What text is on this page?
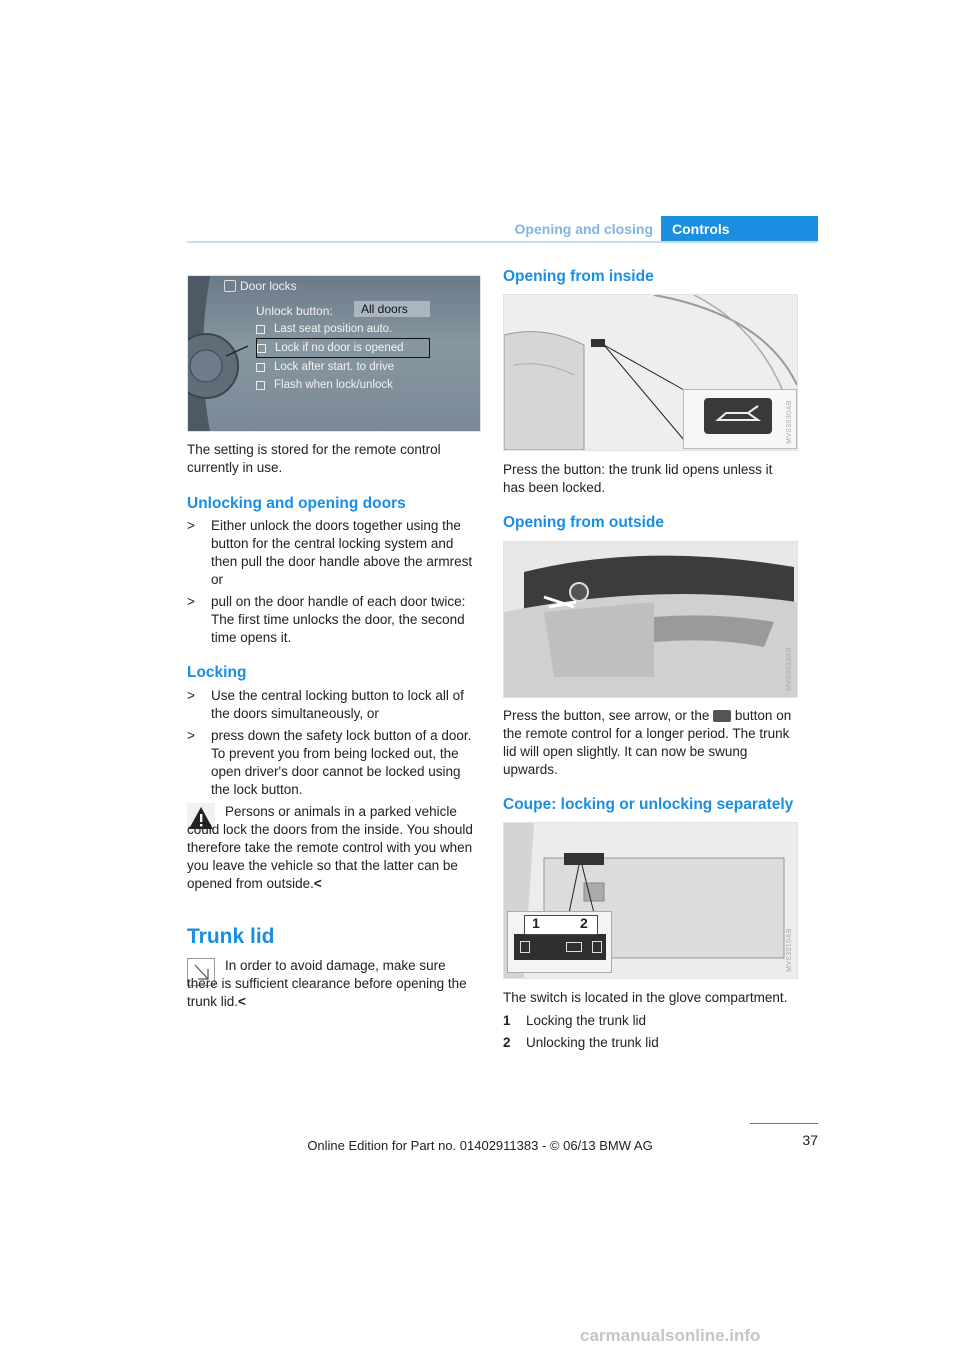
Opening and closing	Controls
Door locks
Unlock button:	All doors
Last seat position auto.
Lock if no door is opened
Lock after start. to drive
Flash when lock/unlock

The setting is stored for the remote control currently in use.

Unlocking and opening doors
> Either unlock the doors together using the button for the central locking system and then pull the door handle above the armrest or
> pull on the door handle of each door twice: The first time unlocks the door, the second time opens it.
Locking
> Use the central locking button to lock all of the doors simultaneously, or
> press down the safety lock button of a door. To prevent you from being locked out, the open driver's door cannot be locked using the lock button.
Persons or animals in a parked vehicle could lock the doors from the inside. You should therefore take the remote control with you when you leave the vehicle so that the latter can be opened from outside.<
Trunk lid
In order to avoid damage, make sure there is sufficient clearance before opening the trunk lid.<
Opening from inside
MV03030AB

Press the button: the trunk lid opens unless it has been locked.

Opening from outside
MV03033AB
Press the button, see arrow, or the button on the remote control for a longer period. The trunk lid will open slightly. It can now be swung upwards.
Coupe: locking or unlocking separately
1	2
MV03010AB

The switch is located in the glove compartment.

1 Locking the trunk lid
2 Unlocking the trunk lid
37
Online Edition for Part no. 01402911383 - © 06/13 BMW AG
carmanualsonline.info
